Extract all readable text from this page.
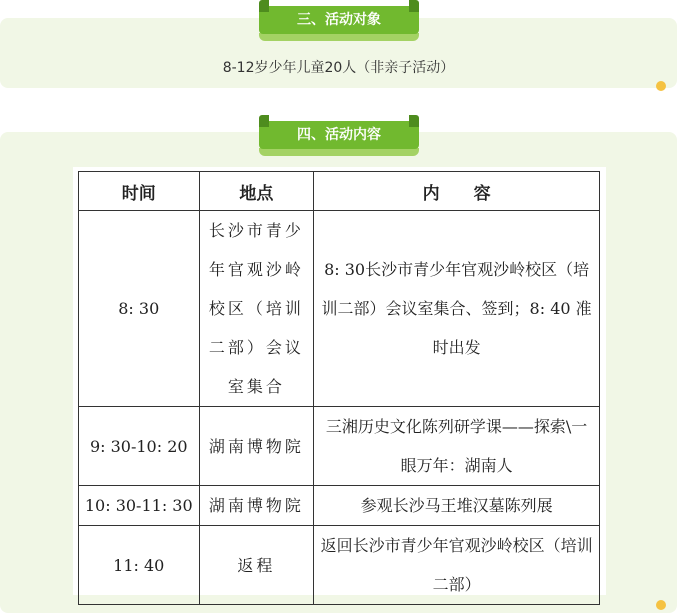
三、活动对象
8-12岁少年儿童20人（非亲子活动）
四、活动内容
时间	地点	内　　容
8: 30	长沙市青少年官观沙岭校区（培训二部）会议室集合	8: 30长沙市青少年官观沙岭校区（培训二部）会议室集合、签到；8: 40 准时出发
9: 30-10: 20	湖南博物院	三湘历史文化陈列研学课——探索\一眼万年：湖南人
10: 30-11: 30	湖南博物院	参观长沙马王堆汉墓陈列展
11: 40	返程	返回长沙市青少年官观沙岭校区（培训二部）
